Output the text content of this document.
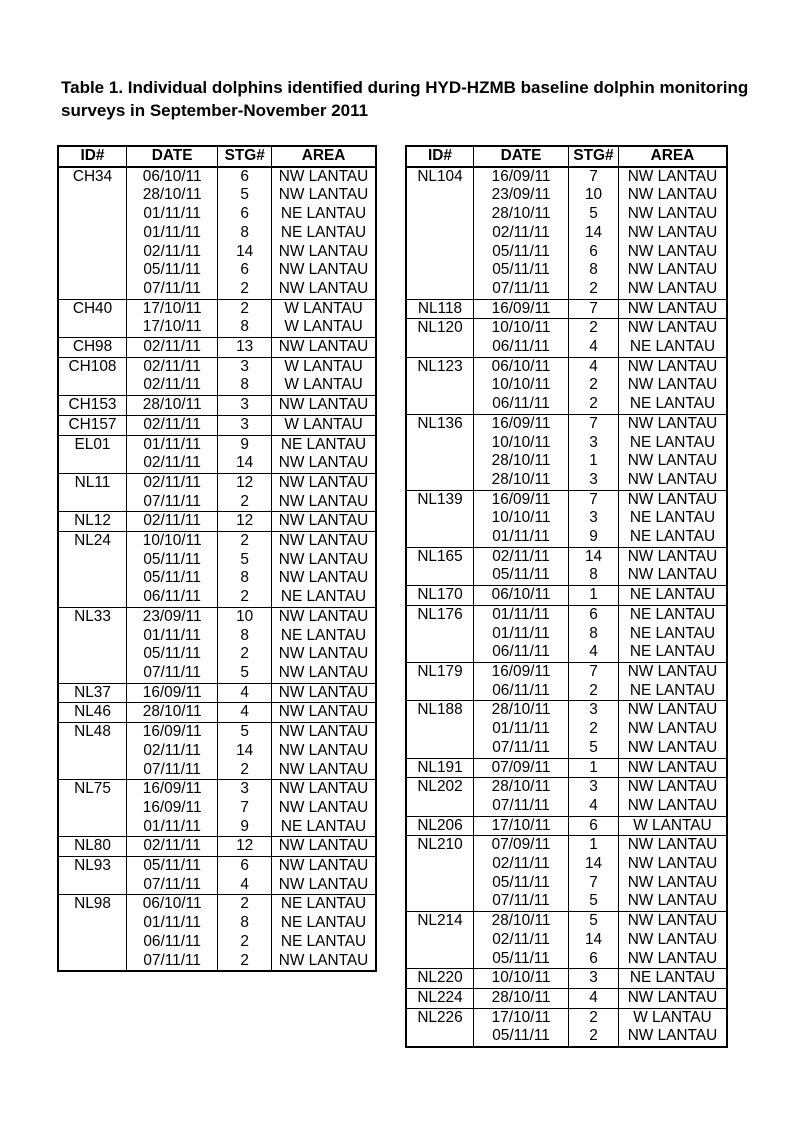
Table 1. Individual dolphins identified during HYD-HZMB baseline dolphin monitoring surveys in September-November 2011

ID#	DATE	STG#	AREA
CH34	06/10/11	6	NW LANTAU
	28/10/11	5	NW LANTAU
	01/11/11	6	NE LANTAU
	01/11/11	8	NE LANTAU
	02/11/11	14	NW LANTAU
	05/11/11	6	NW LANTAU
	07/11/11	2	NW LANTAU
CH40	17/10/11	2	W LANTAU
	17/10/11	8	W LANTAU
CH98	02/11/11	13	NW LANTAU
CH108	02/11/11	3	W LANTAU
	02/11/11	8	W LANTAU
CH153	28/10/11	3	NW LANTAU
CH157	02/11/11	3	W LANTAU
EL01	01/11/11	9	NE LANTAU
	02/11/11	14	NW LANTAU
NL11	02/11/11	12	NW LANTAU
	07/11/11	2	NW LANTAU
NL12	02/11/11	12	NW LANTAU
NL24	10/10/11	2	NW LANTAU
	05/11/11	5	NW LANTAU
	05/11/11	8	NW LANTAU
	06/11/11	2	NE LANTAU
NL33	23/09/11	10	NW LANTAU
	01/11/11	8	NE LANTAU
	05/11/11	2	NW LANTAU
	07/11/11	5	NW LANTAU
NL37	16/09/11	4	NW LANTAU
NL46	28/10/11	4	NW LANTAU
NL48	16/09/11	5	NW LANTAU
	02/11/11	14	NW LANTAU
	07/11/11	2	NW LANTAU
NL75	16/09/11	3	NW LANTAU
	16/09/11	7	NW LANTAU
	01/11/11	9	NE LANTAU
NL80	02/11/11	12	NW LANTAU
NL93	05/11/11	6	NW LANTAU
	07/11/11	4	NW LANTAU
NL98	06/10/11	2	NE LANTAU
	01/11/11	8	NE LANTAU
	06/11/11	2	NE LANTAU
	07/11/11	2	NW LANTAU
ID#	DATE	STG#	AREA
NL104	16/09/11	7	NW LANTAU
	23/09/11	10	NW LANTAU
	28/10/11	5	NW LANTAU
	02/11/11	14	NW LANTAU
	05/11/11	6	NW LANTAU
	05/11/11	8	NW LANTAU
	07/11/11	2	NW LANTAU
NL118	16/09/11	7	NW LANTAU
NL120	10/10/11	2	NW LANTAU
	06/11/11	4	NE LANTAU
NL123	06/10/11	4	NW LANTAU
	10/10/11	2	NW LANTAU
	06/11/11	2	NE LANTAU
NL136	16/09/11	7	NW LANTAU
	10/10/11	3	NE LANTAU
	28/10/11	1	NW LANTAU
	28/10/11	3	NW LANTAU
NL139	16/09/11	7	NW LANTAU
	10/10/11	3	NE LANTAU
	01/11/11	9	NE LANTAU
NL165	02/11/11	14	NW LANTAU
	05/11/11	8	NW LANTAU
NL170	06/10/11	1	NE LANTAU
NL176	01/11/11	6	NE LANTAU
	01/11/11	8	NE LANTAU
	06/11/11	4	NE LANTAU
NL179	16/09/11	7	NW LANTAU
	06/11/11	2	NE LANTAU
NL188	28/10/11	3	NW LANTAU
	01/11/11	2	NW LANTAU
	07/11/11	5	NW LANTAU
NL191	07/09/11	1	NW LANTAU
NL202	28/10/11	3	NW LANTAU
	07/11/11	4	NW LANTAU
NL206	17/10/11	6	W LANTAU
NL210	07/09/11	1	NW LANTAU
	02/11/11	14	NW LANTAU
	05/11/11	7	NW LANTAU
	07/11/11	5	NW LANTAU
NL214	28/10/11	5	NW LANTAU
	02/11/11	14	NW LANTAU
	05/11/11	6	NW LANTAU
NL220	10/10/11	3	NE LANTAU
NL224	28/10/11	4	NW LANTAU
NL226	17/10/11	2	W LANTAU
	05/11/11	2	NW LANTAU
